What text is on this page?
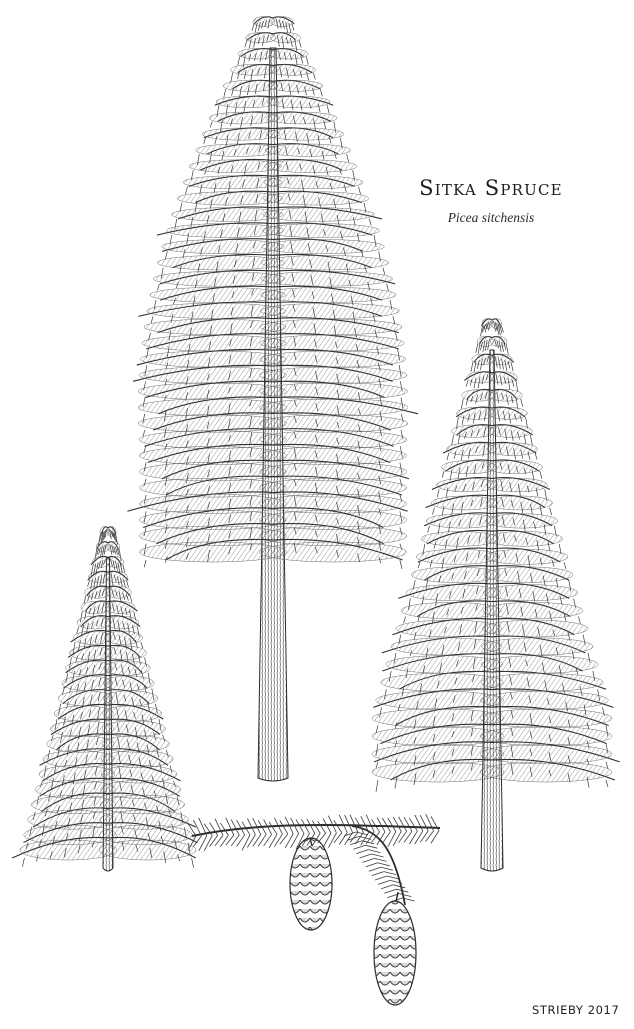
Sitka Spruce
Picea sitchensis
STRIEBY 2017
